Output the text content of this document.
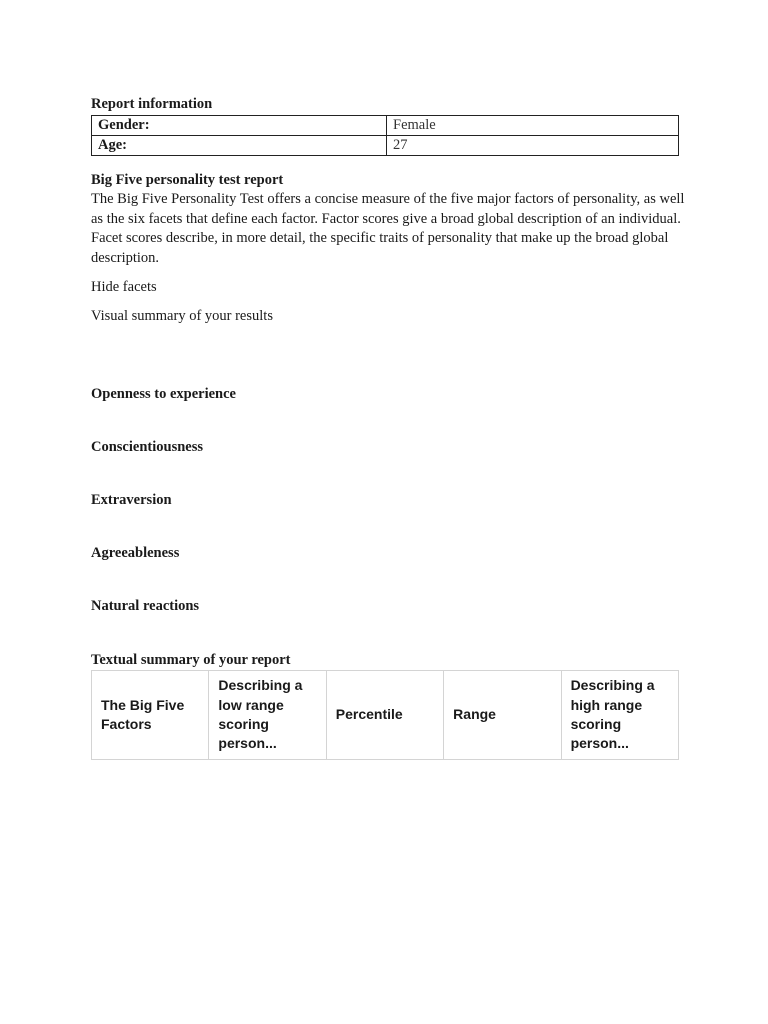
Report information
Gender:	Female
Age:	27
Big Five personality test report

The Big Five Personality Test offers a concise measure of the five major factors of personality, as well as the six facets that define each factor. Factor scores give a broad global description of an individual. Facet scores describe, in more detail, the specific traits of personality that make up the broad global description.

Hide facets
Visual summary of your results
Openness to experience
Conscientiousness
Extraversion
Agreeableness
Natural reactions
Textual summary of your report
The Big Five Factors	Describing a low range scoring person...	Percentile	Range	Describing a high range scoring person...
